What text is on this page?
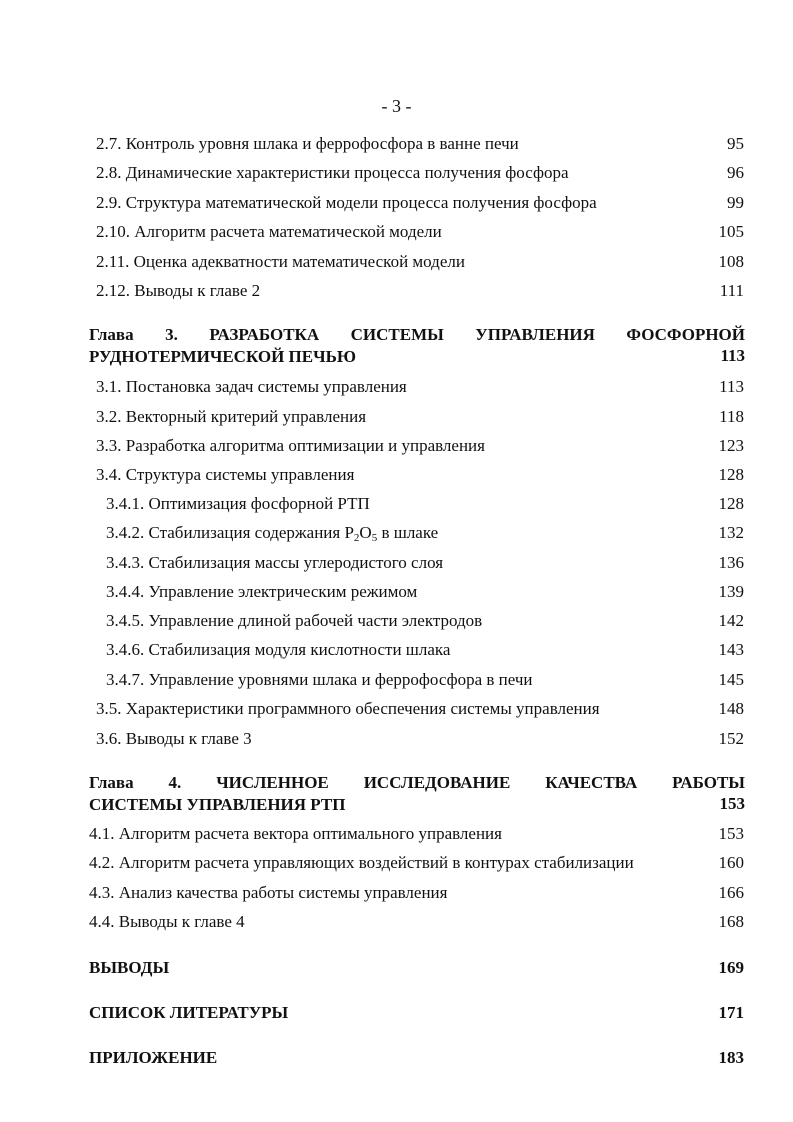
- 3 -
2.7. Контроль уровня шлака и феррофосфора в ванне печи	95
2.8. Динамические характеристики процесса получения фосфора	96
2.9. Структура математической модели процесса получения фосфора	99
2.10. Алгоритм расчета математической модели	105
2.11. Оценка адекватности математической модели	108
2.12. Выводы к главе 2	111
Глава 3. РАЗРАБОТКА СИСТЕМЫ УПРАВЛЕНИЯ ФОСФОРНОЙ
РУДНОТЕРМИЧЕСКОЙ ПЕЧЬЮ	113
3.1. Постановка задач системы управления	113
3.2. Векторный критерий управления	118
3.3. Разработка алгоритма оптимизации и управления	123
3.4. Структура системы управления	128
3.4.1. Оптимизация фосфорной РТП	128
3.4.2. Стабилизация содержания $P_2O_5$ в шлаке	132
3.4.3. Стабилизация массы углеродистого слоя	136
3.4.4. Управление электрическим режимом	139
3.4.5. Управление длиной рабочей части электродов	142
3.4.6. Стабилизация модуля кислотности шлака	143
3.4.7. Управление уровнями шлака и феррофосфора в печи	145
3.5. Характеристики программного обеспечения системы управления	148
3.6. Выводы к главе 3	152
Глава 4. ЧИСЛЕННОЕ ИССЛЕДОВАНИЕ КАЧЕСТВА РАБОТЫ
СИСТЕМЫ УПРАВЛЕНИЯ РТП	153
4.1. Алгоритм расчета вектора оптимального управления	153
4.2. Алгоритм расчета управляющих воздействий в контурах стабилизации	160
4.3. Анализ качества работы системы управления	166
4.4. Выводы к главе 4	168
ВЫВОДЫ	169
СПИСОК ЛИТЕРАТУРЫ	171
ПРИЛОЖЕНИЕ	183
